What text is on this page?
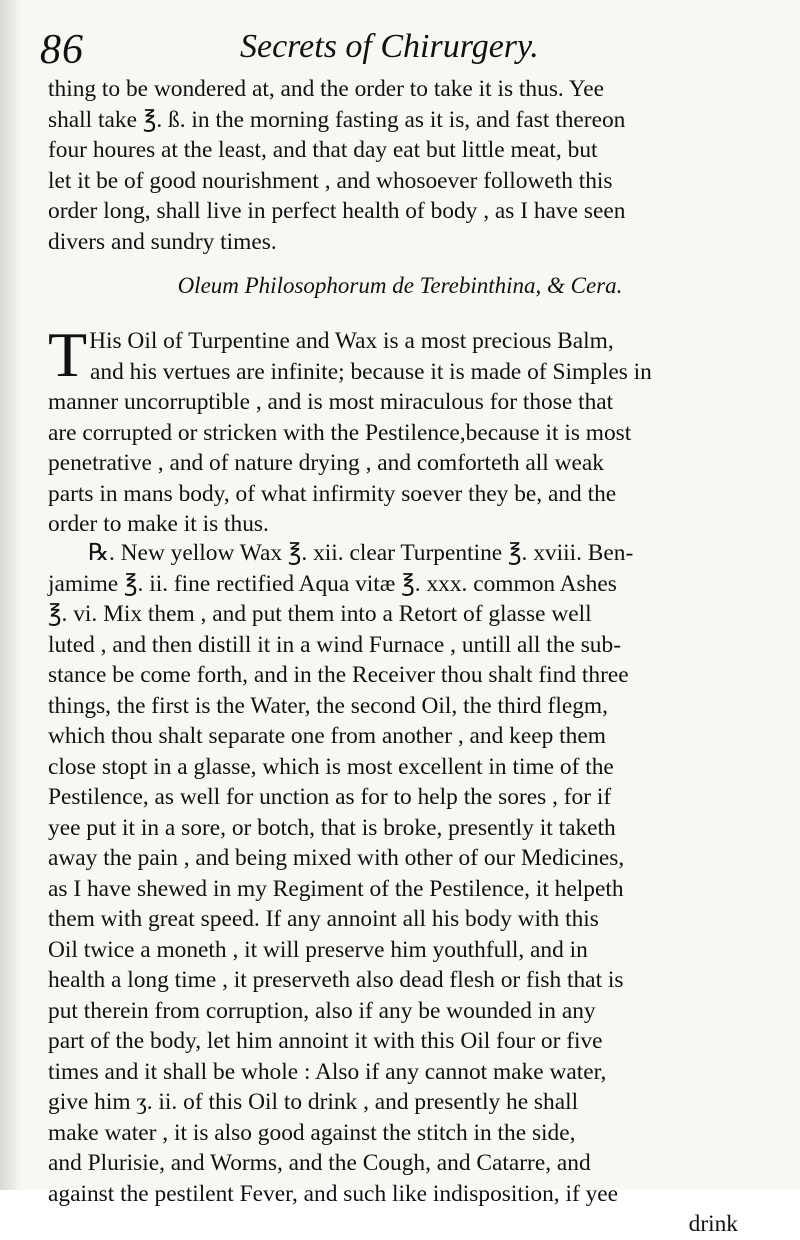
86	Secrets of Chirurgery.
thing to be wondered at, and the order to take it is thus. Yee
shall take ℥. ß. in the morning fasting as it is, and fast thereon
four houres at the least, and that day eat but little meat, but
let it be of good nourishment , and whosoever followeth this
order long, shall live in perfect health of body , as I have seen
divers and sundry times.
Oleum Philosophorum de Terebinthina, & Cera.
T His Oil of Turpentine and Wax is a most precious Balm,
and his vertues are infinite; because it is made of Simples in
manner uncorruptible , and is most miraculous for those that
are corrupted or stricken with the Pestilence,because it is most
penetrative , and of nature drying , and comforteth all weak
parts in mans body, of what infirmity soever they be, and the
order to make it is thus.
℞. New yellow Wax ℥. xii. clear Turpentine ℥. xviii. Ben-
jamime ℥. ii. fine rectified Aqua vitæ ℥. xxx. common Ashes
℥. vi. Mix them , and put them into a Retort of glasse well
luted , and then distill it in a wind Furnace , untill all the sub-
stance be come forth, and in the Receiver thou shalt find three
things, the first is the Water, the second Oil, the third flegm,
which thou shalt separate one from another , and keep them
close stopt in a glasse, which is most excellent in time of the
Pestilence, as well for unction as for to help the sores , for if
yee put it in a sore, or botch, that is broke, presently it taketh
away the pain , and being mixed with other of our Medicines,
as I have shewed in my Regiment of the Pestilence, it helpeth
them with great speed. If any annoint all his body with this
Oil twice a moneth , it will preserve him youthfull, and in
health a long time , it preserveth also dead flesh or fish that is
put therein from corruption, also if any be wounded in any
part of the body, let him annoint it with this Oil four or five
times and it shall be whole : Also if any cannot make water,
give him ʒ. ii. of this Oil to drink , and presently he shall
make water , it is also good against the stitch in the side,
and Plurisie, and Worms, and the Cough, and Catarre, and
against the pestilent Fever, and such like indisposition, if yee
drink
